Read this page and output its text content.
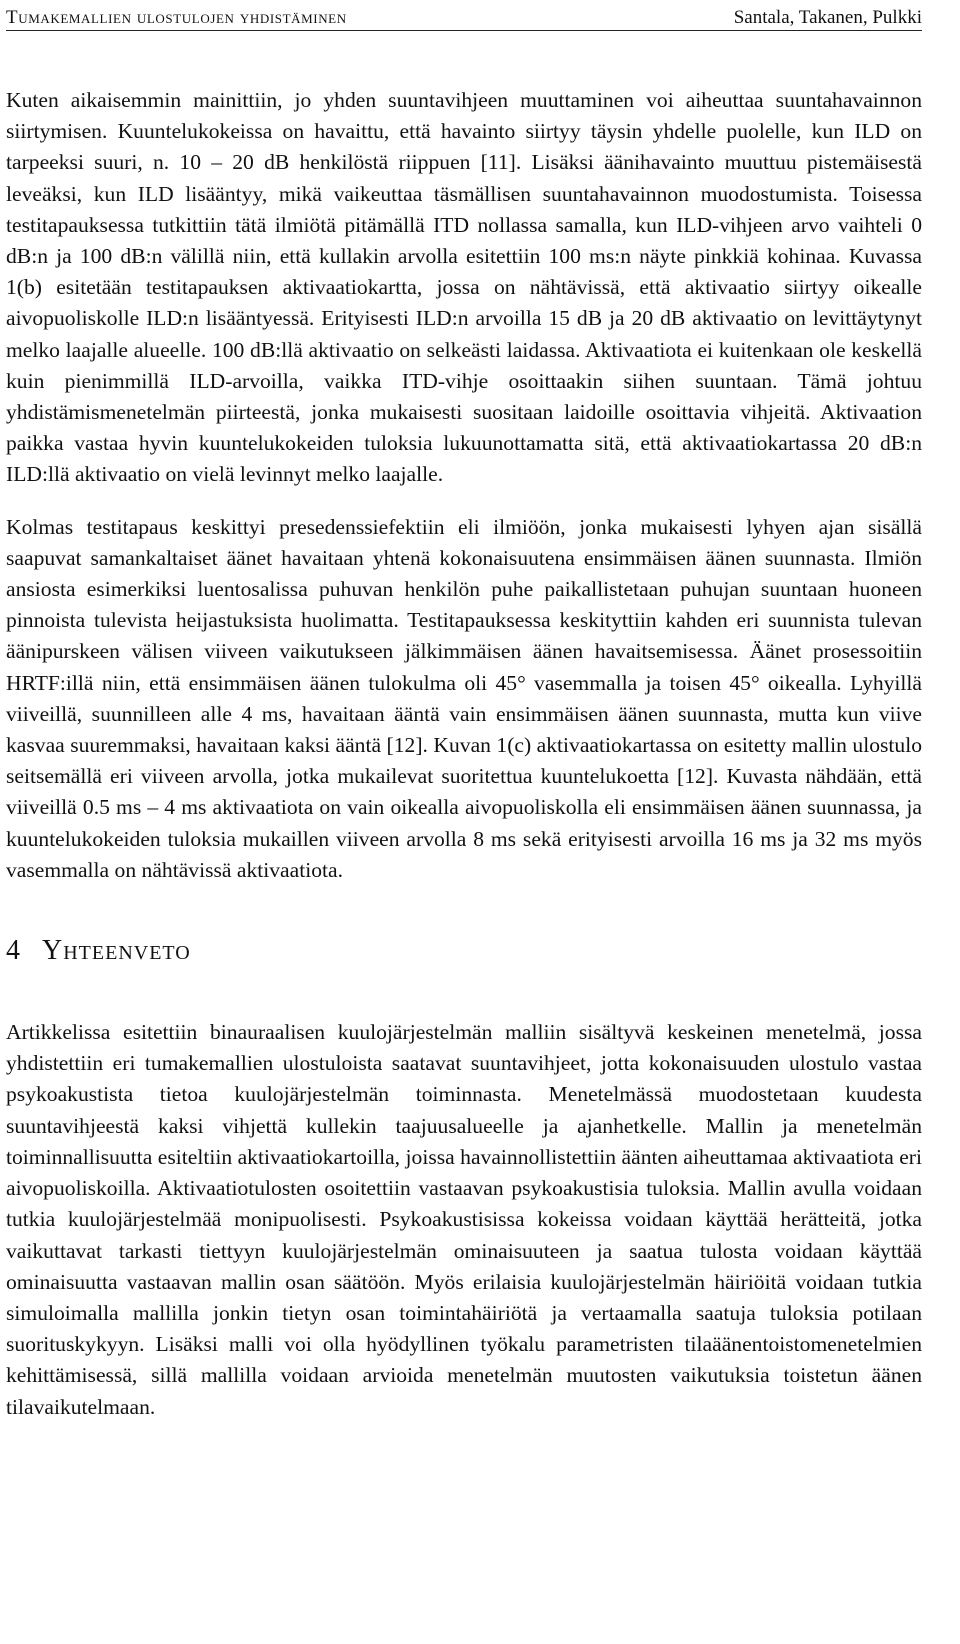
Tumakemallien ulostulojen yhdistäminen	Santala, Takanen, Pulkki

Kuten aikaisemmin mainittiin, jo yhden suuntavihjeen muuttaminen voi aiheuttaa suuntahavainnon siirtymisen. Kuuntelukokeissa on havaittu, että havainto siirtyy täysin yhdelle puolelle, kun ILD on tarpeeksi suuri, n. 10 – 20 dB henkilöstä riippuen [11]. Lisäksi äänihavainto muuttuu pistemäisestä leveäksi, kun ILD lisääntyy, mikä vaikeuttaa täsmällisen suuntahavainnon muodostumista. Toisessa testitapauksessa tutkittiin tätä ilmiötä pitämällä ITD nollassa samalla, kun ILD-vihjeen arvo vaihteli 0 dB:n ja 100 dB:n välillä niin, että kullakin arvolla esitettiin 100 ms:n näyte pinkkiä kohinaa. Kuvassa 1(b) esitetään testitapauksen aktivaatiokartta, jossa on nähtävissä, että aktivaatio siirtyy oikealle aivopuoliskolle ILD:n lisääntyessä. Erityisesti ILD:n arvoilla 15 dB ja 20 dB aktivaatio on levittäytynyt melko laajalle alueelle. 100 dB:llä aktivaatio on selkeästi laidassa. Aktivaatiota ei kuitenkaan ole keskellä kuin pienimmillä ILD-arvoilla, vaikka ITD-vihje osoittaakin siihen suuntaan. Tämä johtuu yhdistämismenetelmän piirteestä, jonka mukaisesti suositaan laidoille osoittavia vihjeitä. Aktivaation paikka vastaa hyvin kuuntelukokeiden tuloksia lukuunottamatta sitä, että aktivaatiokartassa 20 dB:n ILD:llä aktivaatio on vielä levinnyt melko laajalle.

Kolmas testitapaus keskittyi presedenssiefektiin eli ilmiöön, jonka mukaisesti lyhyen ajan sisällä saapuvat samankaltaiset äänet havaitaan yhtenä kokonaisuutena ensimmäisen äänen suunnasta. Ilmiön ansiosta esimerkiksi luentosalissa puhuvan henkilön puhe paikallistetaan puhujan suuntaan huoneen pinnoista tulevista heijastuksista huolimatta. Testitapauksessa keskityttiin kahden eri suunnista tulevan äänipurskeen välisen viiveen vaikutukseen jälkimmäisen äänen havaitsemisessa. Äänet prosessoitiin HRTF:illä niin, että ensimmäisen äänen tulokulma oli 45° vasemmalla ja toisen 45° oikealla. Lyhyillä viiveillä, suunnilleen alle 4 ms, havaitaan ääntä vain ensimmäisen äänen suunnasta, mutta kun viive kasvaa suuremmaksi, havaitaan kaksi ääntä [12]. Kuvan 1(c) aktivaatiokartassa on esitetty mallin ulostulo seitsemällä eri viiveen arvolla, jotka mukailevat suoritettua kuuntelukoetta [12]. Kuvasta nähdään, että viiveillä 0.5 ms – 4 ms aktivaatiota on vain oikealla aivopuoliskolla eli ensimmäisen äänen suunnassa, ja kuuntelukokeiden tuloksia mukaillen viiveen arvolla 8 ms sekä erityisesti arvoilla 16 ms ja 32 ms myös vasemmalla on nähtävissä aktivaatiota.

4 Yhteenveto

Artikkelissa esitettiin binauraalisen kuulojärjestelmän malliin sisältyvä keskeinen menetelmä, jossa yhdistettiin eri tumakemallien ulostuloista saatavat suuntavihjeet, jotta kokonaisuuden ulostulo vastaa psykoakustista tietoa kuulojärjestelmän toiminnasta. Menetelmässä muodostetaan kuudesta suuntavihjeestä kaksi vihjettä kullekin taajuusalueelle ja ajanhetkelle. Mallin ja menetelmän toiminnallisuutta esiteltiin aktivaatiokartoilla, joissa havainnollistettiin äänten aiheuttamaa aktivaatiota eri aivopuoliskoilla. Aktivaatiotulosten osoitettiin vastaavan psykoakustisia tuloksia. Mallin avulla voidaan tutkia kuulojärjestelmää monipuolisesti. Psykoakustisissa kokeissa voidaan käyttää herätteitä, jotka vaikuttavat tarkasti tiettyyn kuulojärjestelmän ominaisuuteen ja saatua tulosta voidaan käyttää ominaisuutta vastaavan mallin osan säätöön. Myös erilaisia kuulojärjestelmän häiriöitä voidaan tutkia simuloimalla mallilla jonkin tietyn osan toimintahäiriötä ja vertaamalla saatuja tuloksia potilaan suorituskykyyn. Lisäksi malli voi olla hyödyllinen työkalu parametristen tilaäänentoistomenetelmien kehittämisessä, sillä mallilla voidaan arvioida menetelmän muutosten vaikutuksia toistetun äänen tilavaikutelmaan.
